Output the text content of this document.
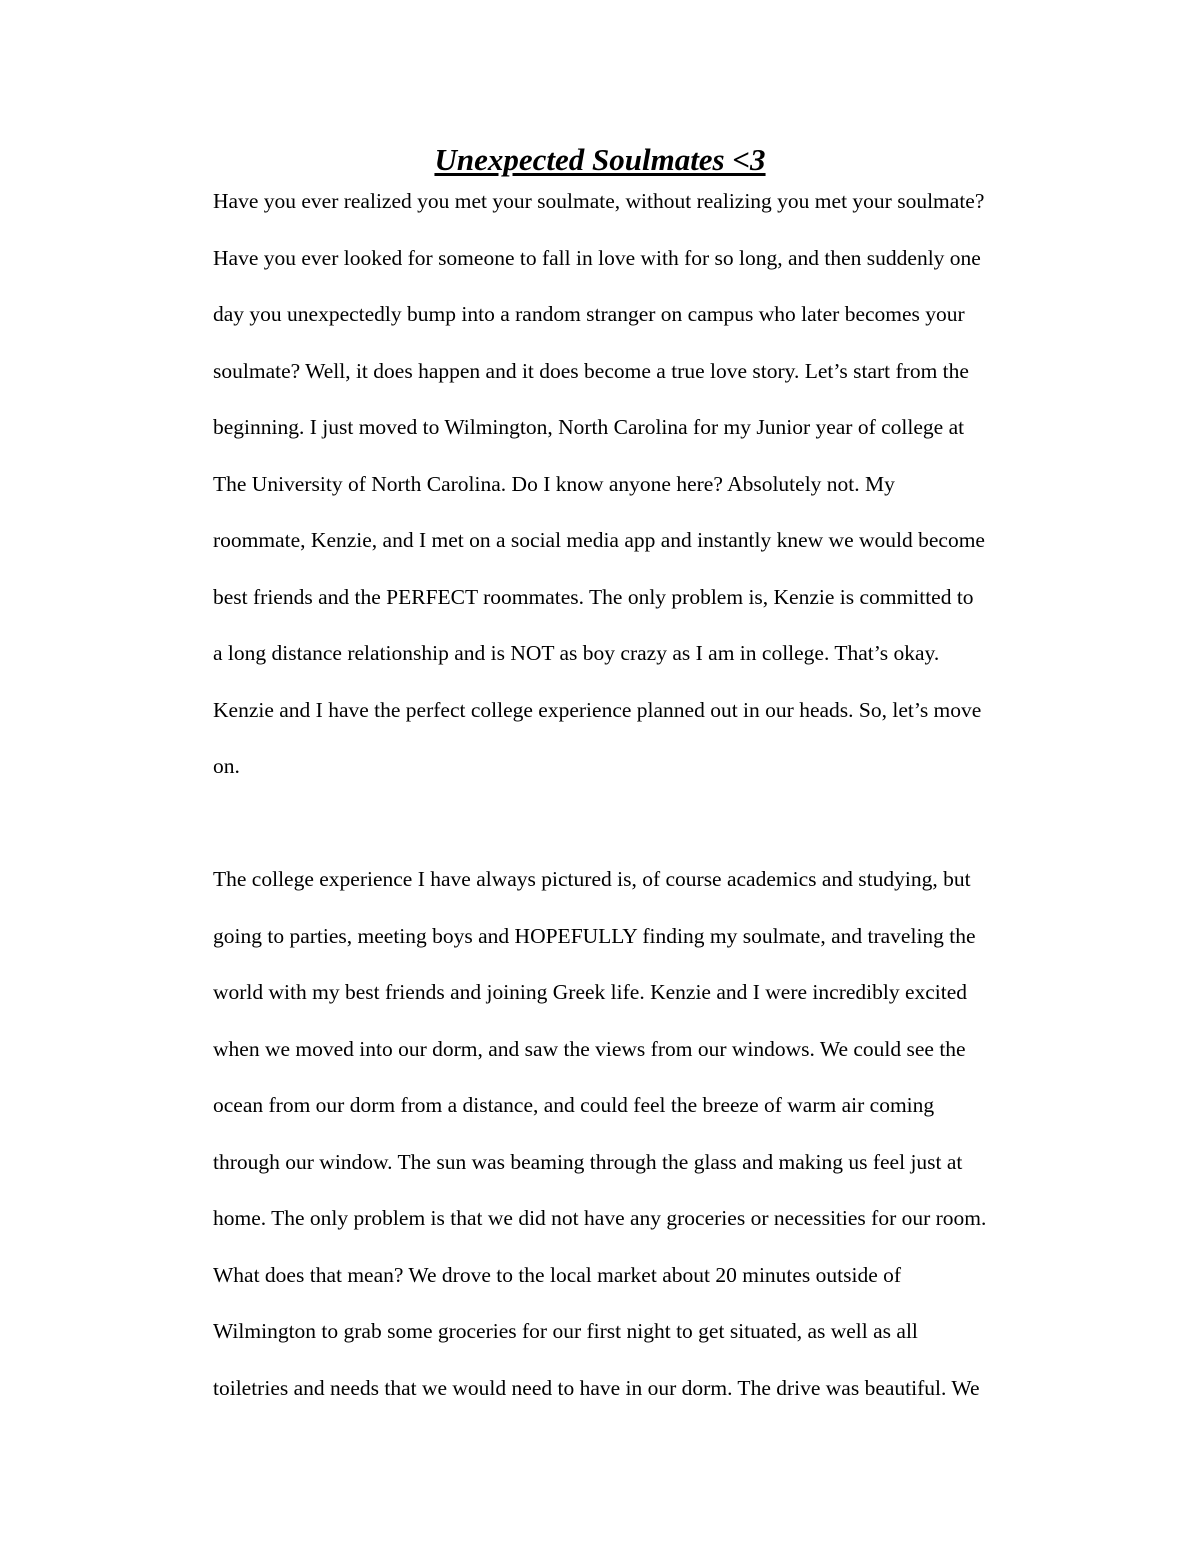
Unexpected Soulmates <3
Have you ever realized you met your soulmate, without realizing you met your soulmate?
Have you ever looked for someone to fall in love with for so long, and then suddenly one
day you unexpectedly bump into a random stranger on campus who later becomes your
soulmate? Well, it does happen and it does become a true love story. Let’s start from the
beginning. I just moved to Wilmington, North Carolina for my Junior year of college at
The University of North Carolina. Do I know anyone here? Absolutely not. My
roommate, Kenzie, and I met on a social media app and instantly knew we would become
best friends and the PERFECT roommates. The only problem is, Kenzie is committed to
a long distance relationship and is NOT as boy crazy as I am in college. That’s okay.
Kenzie and I have the perfect college experience planned out in our heads. So, let’s move
on.
The college experience I have always pictured is, of course academics and studying, but
going to parties, meeting boys and HOPEFULLY finding my soulmate, and traveling the
world with my best friends and joining Greek life. Kenzie and I were incredibly excited
when we moved into our dorm, and saw the views from our windows. We could see the
ocean from our dorm from a distance, and could feel the breeze of warm air coming
through our window. The sun was beaming through the glass and making us feel just at
home. The only problem is that we did not have any groceries or necessities for our room.
What does that mean? We drove to the local market about 20 minutes outside of
Wilmington to grab some groceries for our first night to get situated, as well as all
toiletries and needs that we would need to have in our dorm. The drive was beautiful. We
